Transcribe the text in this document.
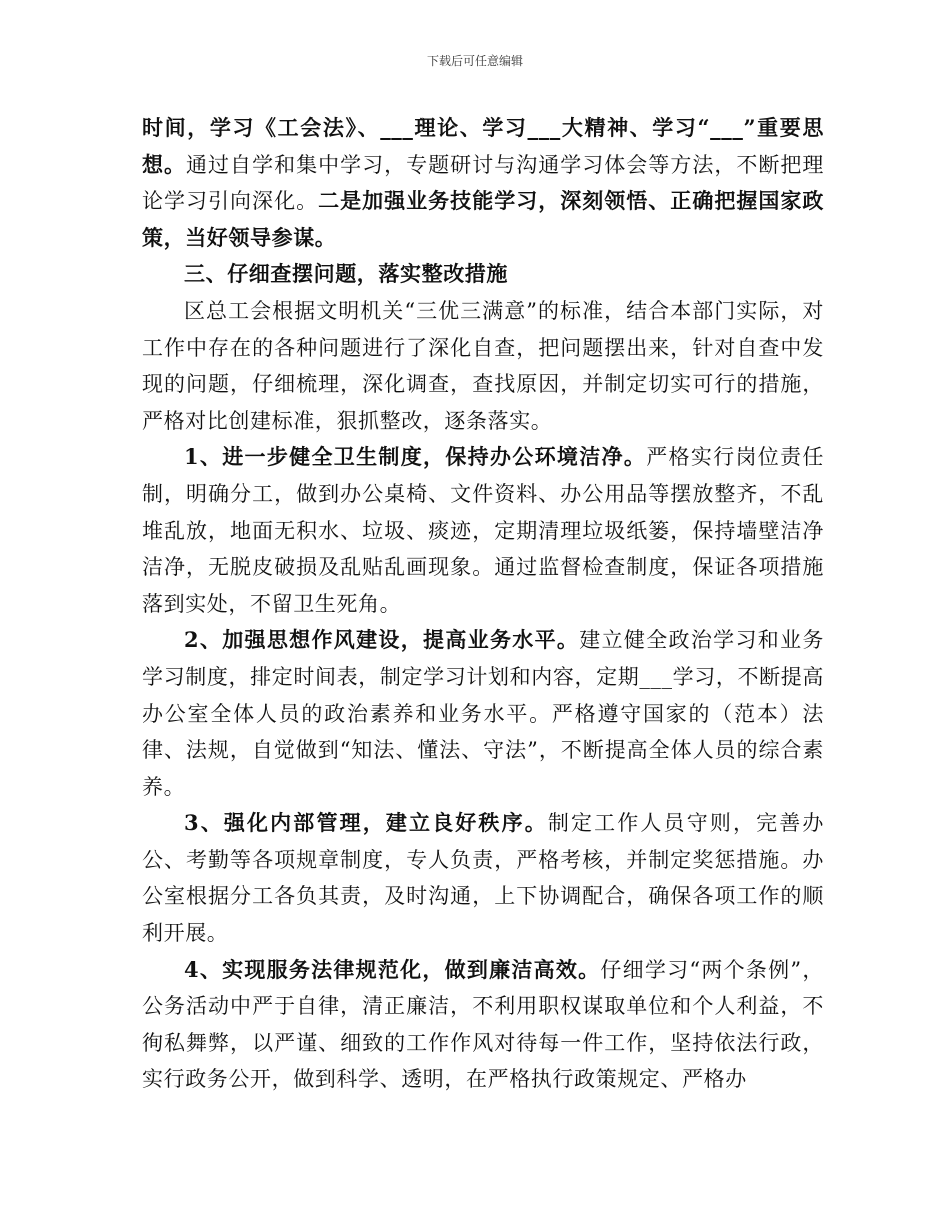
下载后可任意编辑

时间，学习《工会法》、___理论、学习___大精神、学习“___”重要思想。通过自学和集中学习，专题研讨与沟通学习体会等方法，不断把理论学习引向深化。二是加强业务技能学习，深刻领悟、正确把握国家政策，当好领导参谋。

三、仔细查摆问题，落实整改措施

区总工会根据文明机关“三优三满意”的标准，结合本部门实际，对工作中存在的各种问题进行了深化自查，把问题摆出来，针对自查中发现的问题，仔细梳理，深化调查，查找原因，并制定切实可行的措施，严格对比创建标准，狠抓整改，逐条落实。

1、进一步健全卫生制度，保持办公环境洁净。严格实行岗位责任制，明确分工，做到办公桌椅、文件资料、办公用品等摆放整齐，不乱堆乱放，地面无积水、垃圾、痰迹，定期清理垃圾纸篓，保持墙壁洁净洁净，无脱皮破损及乱贴乱画现象。通过监督检查制度，保证各项措施落到实处，不留卫生死角。

2、加强思想作风建设，提高业务水平。建立健全政治学习和业务学习制度，排定时间表，制定学习计划和内容，定期___学习，不断提高办公室全体人员的政治素养和业务水平。严格遵守国家的（范本）法律、法规，自觉做到“知法、懂法、守法”，不断提高全体人员的综合素养。

3、强化内部管理，建立良好秩序。制定工作人员守则，完善办公、考勤等各项规章制度，专人负责，严格考核，并制定奖惩措施。办公室根据分工各负其责，及时沟通，上下协调配合，确保各项工作的顺利开展。

4、实现服务法律规范化，做到廉洁高效。仔细学习“两个条例”，公务活动中严于自律，清正廉洁，不利用职权谋取单位和个人利益，不徇私舞弊，以严谨、细致的工作作风对待每一件工作，坚持依法行政，实行政务公开，做到科学、透明，在严格执行政策规定、严格办
